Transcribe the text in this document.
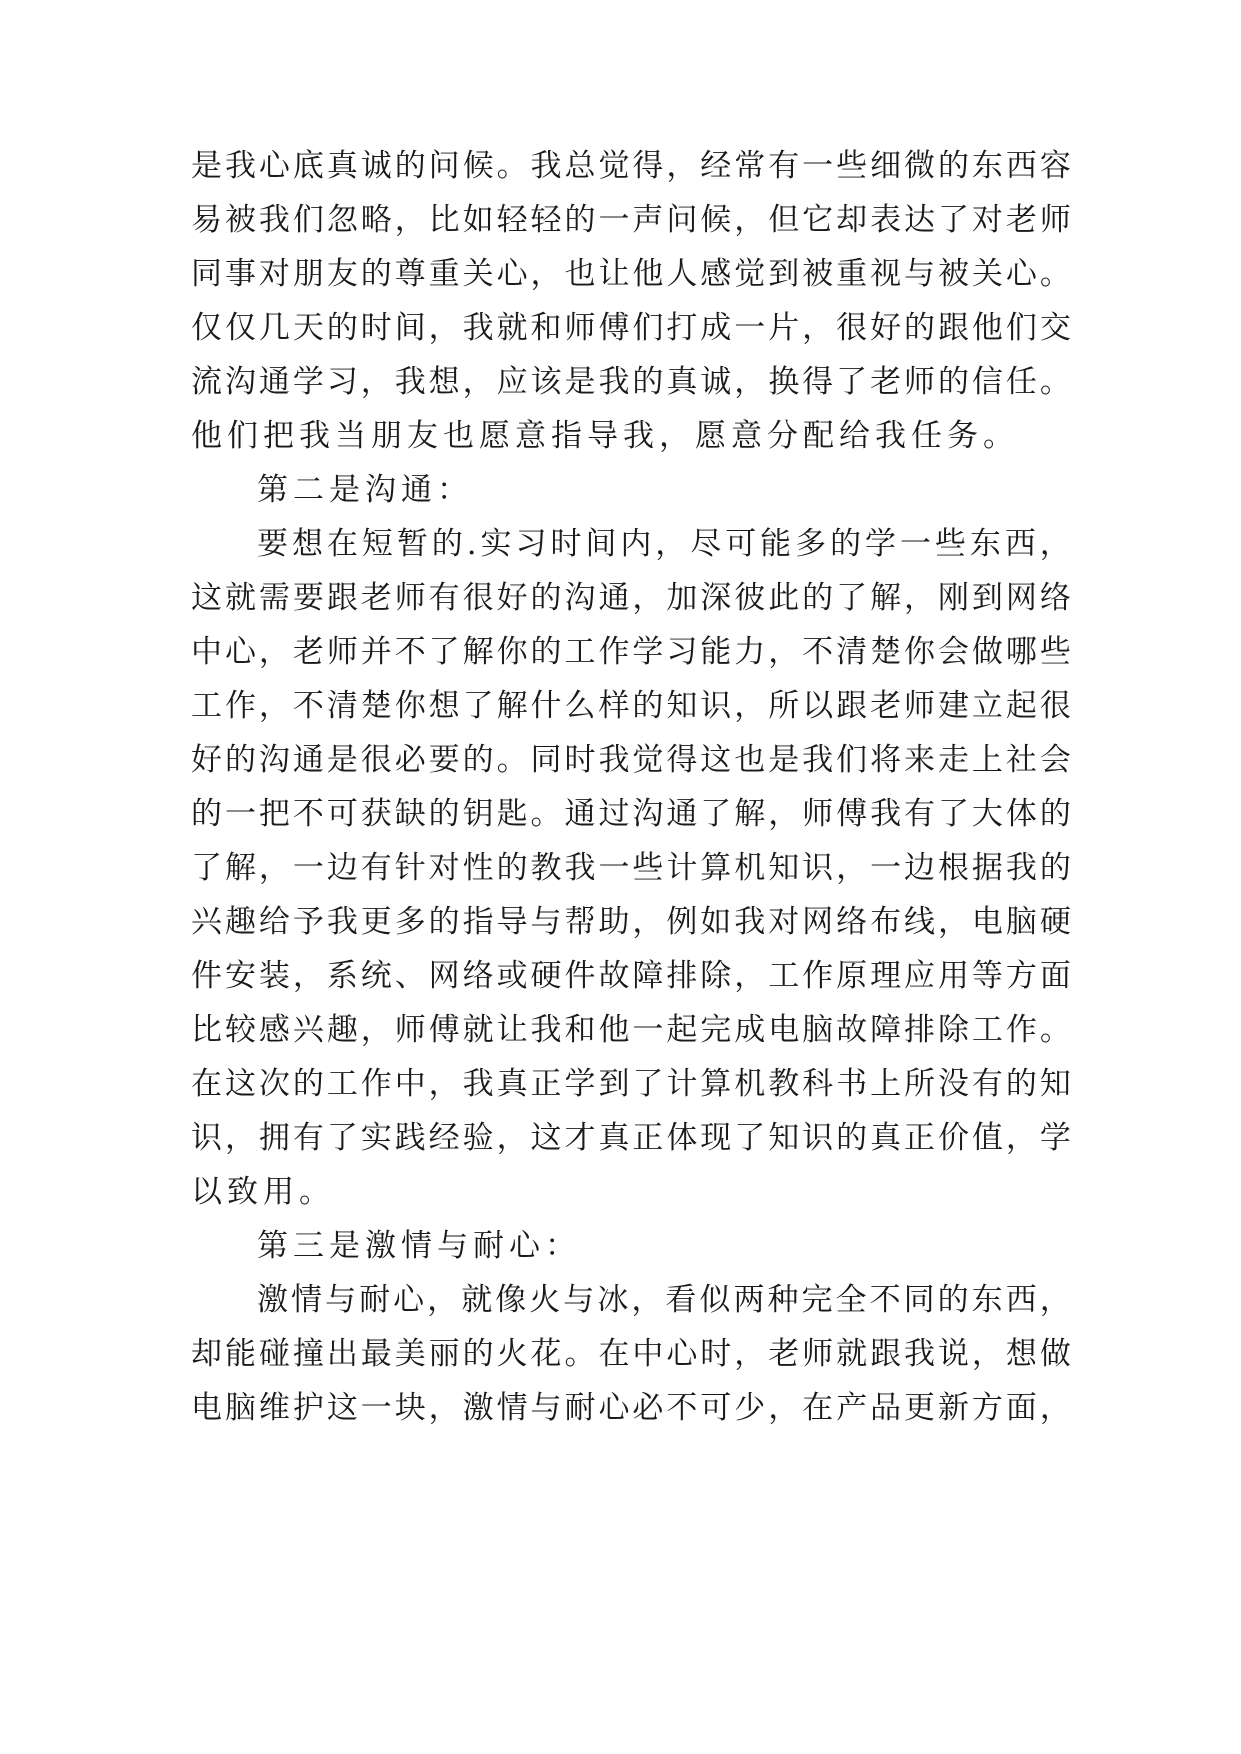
是 我 心 底 真 诚 的 问 候 。 我 总 觉 得 ， 经 常 有 一 些 细 微 的 东 西 容
易 被 我 们 忽 略 ， 比 如 轻 轻 的 一 声 问 候 ， 但 它 却 表 达 了 对 老 师
同 事 对 朋 友 的 尊 重 关 心 ， 也 让 他 人 感 觉 到 被 重 视 与 被 关 心 。
仅 仅 几 天 的 时 间 ， 我 就 和 师 傅 们 打 成 一 片 ， 很 好 的 跟 他 们 交
流 沟 通 学 习 ， 我 想 ， 应 该 是 我 的 真 诚 ， 换 得 了 老 师 的 信 任 。
他们把我当朋友也愿意指导我，愿意分配给我任务。
第二是沟通：
要 想 在 短 暂 的 . 实 习 时 间 内 ， 尽 可 能 多 的 学 一 些 东 西 ，
这 就 需 要 跟 老 师 有 很 好 的 沟 通 ， 加 深 彼 此 的 了 解 ， 刚 到 网 络
中 心 ， 老 师 并 不 了 解 你 的 工 作 学 习 能 力 ， 不 清 楚 你 会 做 哪 些
工 作 ， 不 清 楚 你 想 了 解 什 么 样 的 知 识 ， 所 以 跟 老 师 建 立 起 很
好 的 沟 通 是 很 必 要 的 。 同 时 我 觉 得 这 也 是 我 们 将 来 走 上 社 会
的 一 把 不 可 获 缺 的 钥 匙 。 通 过 沟 通 了 解 ， 师 傅 我 有 了 大 体 的
了 解 ， 一 边 有 针 对 性 的 教 我 一 些 计 算 机 知 识 ， 一 边 根 据 我 的
兴 趣 给 予 我 更 多 的 指 导 与 帮 助 ， 例 如 我 对 网 络 布 线 ， 电 脑 硬
件 安 装 ， 系 统 、 网 络 或 硬 件 故 障 排 除 ， 工 作 原 理 应 用 等 方 面
比 较 感 兴 趣 ， 师 傅 就 让 我 和 他 一 起 完 成 电 脑 故 障 排 除 工 作 。
在 这 次 的 工 作 中 ， 我 真 正 学 到 了 计 算 机 教 科 书 上 所 没 有 的 知
识 ， 拥 有 了 实 践 经 验 ， 这 才 真 正 体 现 了 知 识 的 真 正 价 值 ， 学
以致用。
第三是激情与耐心：
激 情 与 耐 心 ， 就 像 火 与 冰 ， 看 似 两 种 完 全 不 同 的 东 西 ，
却 能 碰 撞 出 最 美 丽 的 火 花 。 在 中 心 时 ， 老 师 就 跟 我 说 ， 想 做
电 脑 维 护 这 一 块 ， 激 情 与 耐 心 必 不 可 少 ， 在 产 品 更 新 方 面 ，
